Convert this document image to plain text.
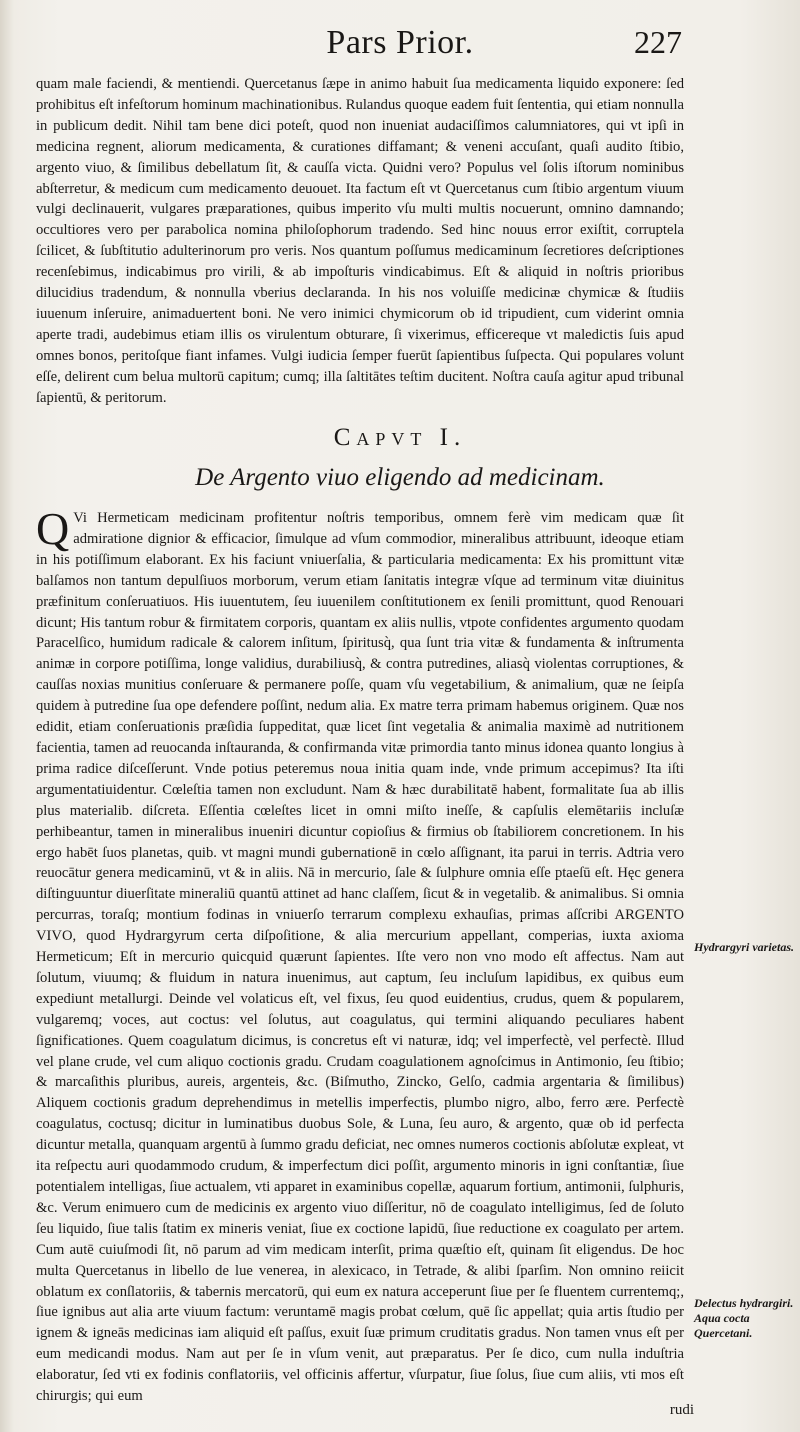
Pars Prior.	227

quam male faciendi, & mentiendi. Quercetanus ſæpe in animo habuit ſua medicamenta liquido exponere: ſed prohibitus eſt infeſtorum hominum machinationibus. Rulandus quoque eadem fuit ſententia, qui etiam nonnulla in publicum dedit. Nihil tam bene dici poteſt, quod non inueniat audaciſſimos calumniatores, qui vt ipſi in medicina regnent, aliorum medicamenta, & curationes diffamant; & veneni accuſant, quaſi audito ſtibio, argento viuo, & ſimilibus debellatum ſit, & cauſſa victa. Quidni vero? Populus vel ſolis iſtorum nominibus abſterretur, & medicum cum medicamento deuouet. Ita factum eſt vt Quercetanus cum ſtibio argentum viuum vulgi declinauerit, vulgares præparationes, quibus imperito vſu multi multis nocuerunt, omnino damnando; occultiores vero per parabolica nomina philoſophorum tradendo. Sed hinc nouus error exiſtit, corruptela ſcilicet, & ſubſtitutio adulterinorum pro veris. Nos quantum poſſumus medicaminum ſecretiores deſcriptiones recenſebimus, indicabimus pro virili, & ab impoſturis vindicabimus. Eſt & aliquid in noſtris prioribus dilucidius tradendum, & nonnulla vberius declaranda. In his nos voluiſſe medicinæ chymicæ & ſtudiis iuuenum inſeruire, animaduertent boni. Ne vero inimici chymicorum ob id tripudient, cum viderint omnia aperte tradi, audebimus etiam illis os virulentum obturare, ſi vixerimus, efficereque vt maledictis ſuis apud omnes bonos, peritoſque fiant infames. Vulgi iudicia ſemper fuerūt ſapientibus ſuſpecta. Qui populares volunt eſſe, delirent cum belua multorū capitum; cumq; illa ſaltitātes teſtim ducitent. Noſtra cauſa agitur apud tribunal ſapientū, & peritorum.

Capvt I.
De Argento viuo eligendo ad medicinam.
Q Vi Hermeticam medicinam profitentur noſtris temporibus, omnem ferè vim medicam quæ ſit admiratione dignior & efficacior, ſimulque ad vſum commodior, mineralibus attribuunt, ideoque etiam in his potiſſimum elaborant. Ex his faciunt vniuerſalia, & particularia medicamenta: Ex his promittunt vitæ balſamos non tantum depulſiuos morborum, verum etiam ſanitatis integræ vſque ad terminum vitæ diuinitus præfinitum conſeruatiuos. His iuuentutem, ſeu iuuenilem conſtitutionem ex ſenili promittunt, quod Renouari dicunt; His tantum robur & firmitatem corporis, quantam ex aliis nullis, vtpote confidentes argumento quodam Paracelſico, humidum radicale & calorem inſitum, ſpiritusq̀, qua ſunt tria vitæ & fundamenta & inſtrumenta animæ in corpore potiſſima, longe validius, durabiliusq̀, & contra putredines, aliasq̀ violentas corruptiones, & cauſſas noxias munitius conſeruare & permanere poſſe, quam vſu vegetabilium, & animalium, quæ ne ſeipſa quidem à putredine ſua ope defendere poſſint, nedum alia. Ex matre terra primam habemus originem. Quæ nos edidit, etiam conſeruationis præſidia ſuppeditat, quæ licet ſint vegetalia & animalia maximè ad nutritionem facientia, tamen ad reuocanda inſtauranda, & confirmanda vitæ primordia tanto minus idonea quanto longius à prima radice diſceſſerunt. Vnde potius peteremus noua initia quam inde, vnde primum accepimus? Ita iſti argumentatiuidentur. Cœleſtia tamen non excludunt. Nam & hæc durabilitatē habent, formalitate ſua ab illis plus materialib. diſcreta. Eſſentia cœleſtes licet in omni miſto ineſſe, & capſulis elemētariis incluſæ perhibeantur, tamen in mineralibus inueniri dicuntur copioſius & firmius ob ſtabiliorem concretionem. In his ergo habēt ſuos planetas, quib. vt magni mundi gubernationē in cœlo aſſignant, ita parui in terris. Adtria vero reuocātur genera medicaminū, vt & in aliis. Nā in mercurio, ſale & ſulphure omnia eſſe ptaeſū eſt. Hęc genera diſtinguuntur diuerſitate mineraliū quantū attinet ad hanc claſſem, ſicut & in vegetalib. & animalibus. Si omnia percurras, toraſq; montium fodinas in vniuerſo terrarum complexu exhauſias, primas aſſcribi ARGENTO VIVO, quod Hydrargyrum certa diſpoſitione, & alia mercurium appellant, comperias, iuxta axioma Hermeticum; Eſt in mercurio quicquid quærunt ſapientes. Iſte vero non vno modo eſt affectus. Nam aut ſolutum, viuumq; & fluidum in natura inuenimus, aut captum, ſeu incluſum lapidibus, ex quibus eum expediunt metallurgi. Deinde vel volaticus eſt, vel fixus, ſeu quod euidentius, crudus, quem & popularem, vulgaremq; voces, aut coctus: vel ſolutus, aut coagulatus, qui termini aliquando peculiares habent ſignificationes. Quem coagulatum dicimus, is concretus eſt vi naturæ, idq; vel imperfectè, vel perfectè. Illud vel plane crude, vel cum aliquo coctionis gradu. Crudam coagulationem agnoſcimus in Antimonio, ſeu ſtibio; & marcaſithis pluribus, aureis, argenteis, &c. (Biſmutho, Zincko, Gelſo, cadmia argentaria & ſimilibus) Aliquem coctionis gradum deprehendimus in metellis imperfectis, plumbo nigro, albo, ferro ære. Perfectè coagulatus, coctusq; dicitur in luminatibus duobus Sole, & Luna, ſeu auro, & argento, quæ ob id perfecta dicuntur metalla, quanquam argentū à ſummo gradu deficiat, nec omnes numeros coctionis abſolutæ expleat, vt ita reſpectu auri quodammodo crudum, & imperfectum dici poſſit, argumento minoris in igni conſtantiæ, ſiue potentialem intelligas, ſiue actualem, vti apparet in examinibus copellæ, aquarum fortium, antimonii, ſulphuris, &c. Verum enimuero cum de medicinis ex argento viuo diſſeritur, nō de coagulato intelligimus, ſed de ſoluto ſeu liquido, ſiue talis ſtatim ex mineris veniat, ſiue ex coctione lapidū, ſiue reductione ex coagulato per artem. Cum autē cuiuſmodi ſit, nō parum ad vim medicam interſit, prima quæſtio eſt, quinam ſit eligendus. De hoc multa Quercetanus in libello de lue venerea, in alexicaco, in Tetrade, & alibi ſparſim. Non omnino reiicit oblatum ex conſlatoriis, & tabernis mercatorū, qui eum ex natura acceperunt ſiue per ſe fluentem currentemq;, ſiue ignibus aut alia arte viuum factum: veruntamē magis probat cœlum, quē ſic appellat; quia artis ſtudio per ignem & igneās medicinas iam aliquid eſt paſſus, exuit ſuæ primum cruditatis gradus. Non tamen vnus eſt per eum medicandi modus. Nam aut per ſe in vſum venit, aut præparatus. Per ſe dico, cum nulla induſtria elaboratur, ſed vti ex fodinis conflatoriis, vel officinis affertur, vſurpatur, ſiue ſolus, ſiue cum aliis, vti mos eſt chirurgis; qui eum
Hydrargyri varietas.
Delectus hydrargiri. Aqua cocta Quercetani.
rudi
